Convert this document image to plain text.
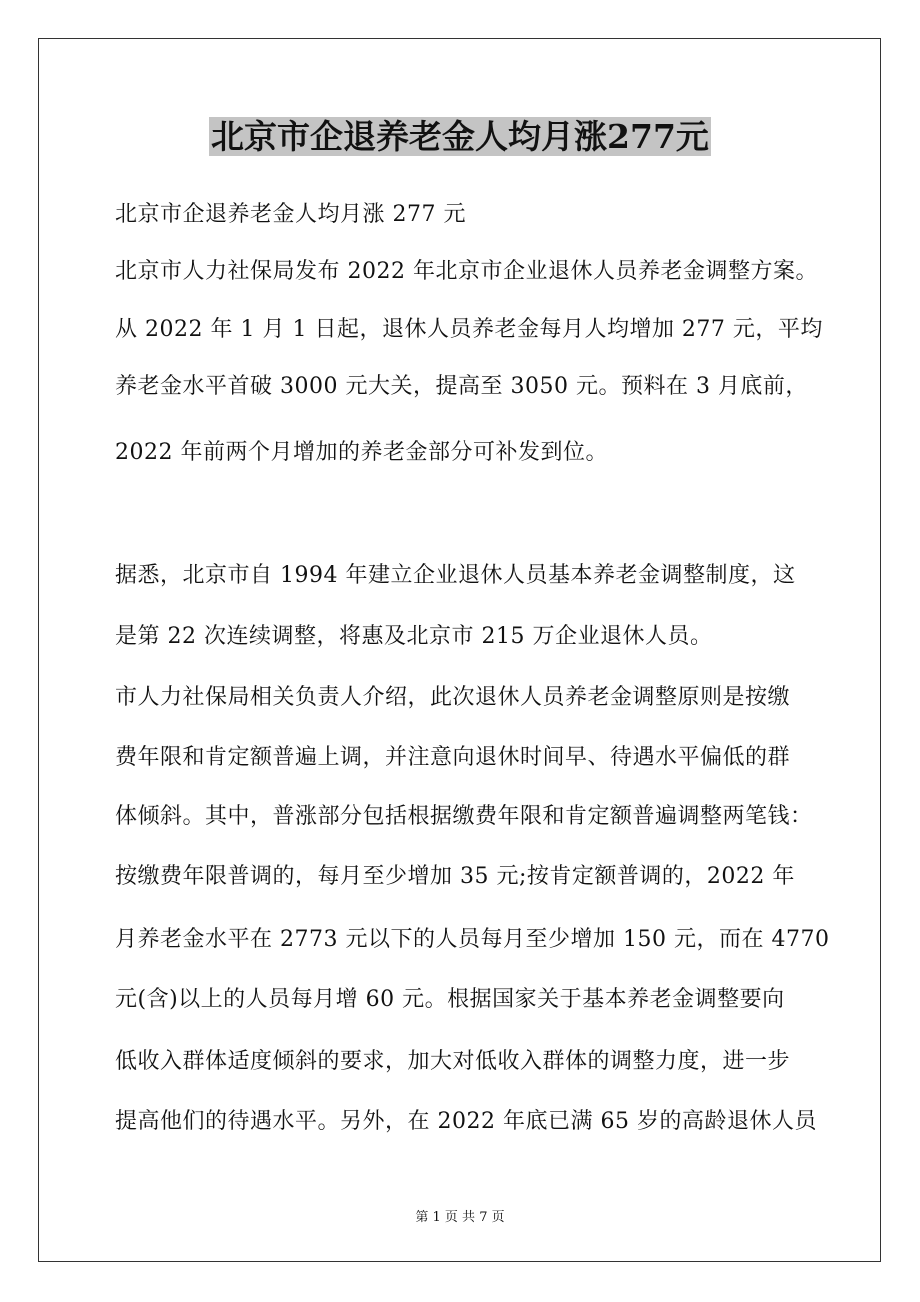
北京市企退养老金人均月涨277元
北京市企退养老金人均月涨 277 元
北京市人力社保局发布 2022 年北京市企业退休人员养老金调整方案。
从 2022 年 1 月 1 日起，退休人员养老金每月人均增加 277 元，平均
养老金水平首破 3000 元大关，提高至 3050 元。预料在 3 月底前，
2022 年前两个月增加的养老金部分可补发到位。
据悉，北京市自 1994 年建立企业退休人员基本养老金调整制度，这
是第 22 次连续调整，将惠及北京市 215 万企业退休人员。
市人力社保局相关负责人介绍，此次退休人员养老金调整原则是按缴
费年限和肯定额普遍上调，并注意向退休时间早、待遇水平偏低的群
体倾斜。其中，普涨部分包括根据缴费年限和肯定额普遍调整两笔钱：
按缴费年限普调的，每月至少增加 35 元;按肯定额普调的，2022 年
月养老金水平在 2773 元以下的人员每月至少增加 150 元，而在 4770
元(含)以上的人员每月增 60 元。根据国家关于基本养老金调整要向
低收入群体适度倾斜的要求，加大对低收入群体的调整力度，进一步
提高他们的待遇水平。另外，在 2022 年底已满 65 岁的高龄退休人员
第 1 页 共 7 页
